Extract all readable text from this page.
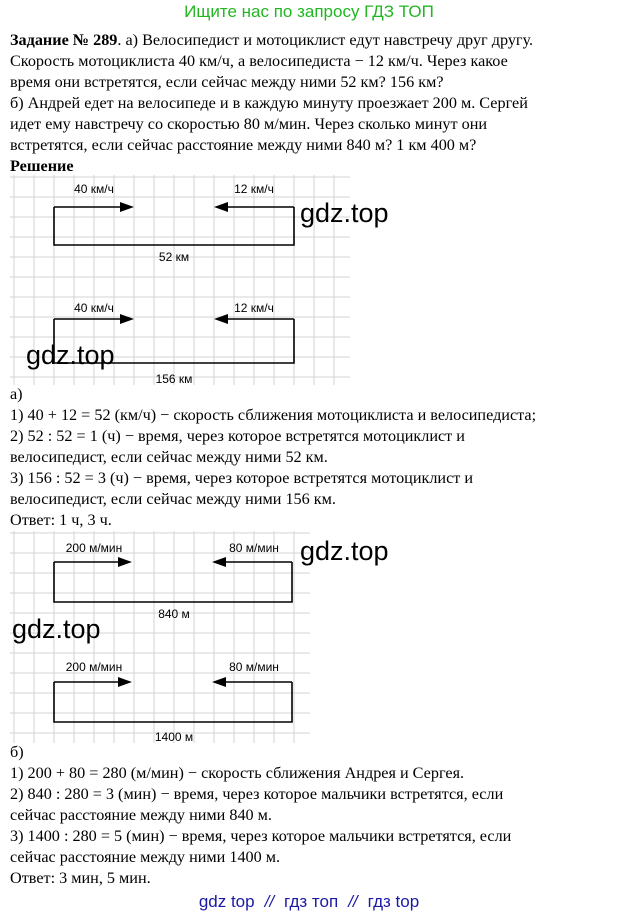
Ищите нас по запросу ГДЗ ТОП
Задание № 289. а) Велосипедист и мотоциклист едут навстречу друг другу.
Скорость мотоциклиста 40 км/ч, а велосипедиста − 12 км/ч. Через какое
время они встретятся, если сейчас между ними 52 км? 156 км?
б) Андрей едет на велосипеде и в каждую минуту проезжает 200 м. Сергей
идет ему навстречу со скоростью 80 м/мин. Через сколько минут они
встретятся, если сейчас расстояние между ними 840 м? 1 км 400 м?
Решение
40 км/ч	12 км/ч
52 км
40 км/ч	12 км/ч
156 км
gdz.top
gdz.top
а)
1) 40 + 12 = 52 (км/ч) − скорость сближения мотоциклиста и велосипедиста;
2) 52 : 52 = 1 (ч) − время, через которое встретятся мотоциклист и
велосипедист, если сейчас между ними 52 км.
3) 156 : 52 = 3 (ч) − время, через которое встретятся мотоциклист и
велосипедист, если сейчас между ними 156 км.
Ответ: 1 ч, 3 ч.
200 м/мин	80 м/мин
840 м
200 м/мин	80 м/мин
1400 м
gdz.top
gdz.top
б)
1) 200 + 80 = 280 (м/мин) − скорость сближения Андрея и Сергея.
2) 840 : 280 = 3 (мин) − время, через которое мальчики встретятся, если
сейчас расстояние между ними 840 м.
3) 1400 : 280 = 5 (мин) − время, через которое мальчики встретятся, если
сейчас расстояние между ними 1400 м.
Ответ: 3 мин, 5 мин.
gdz top // гдз топ // гдз top
